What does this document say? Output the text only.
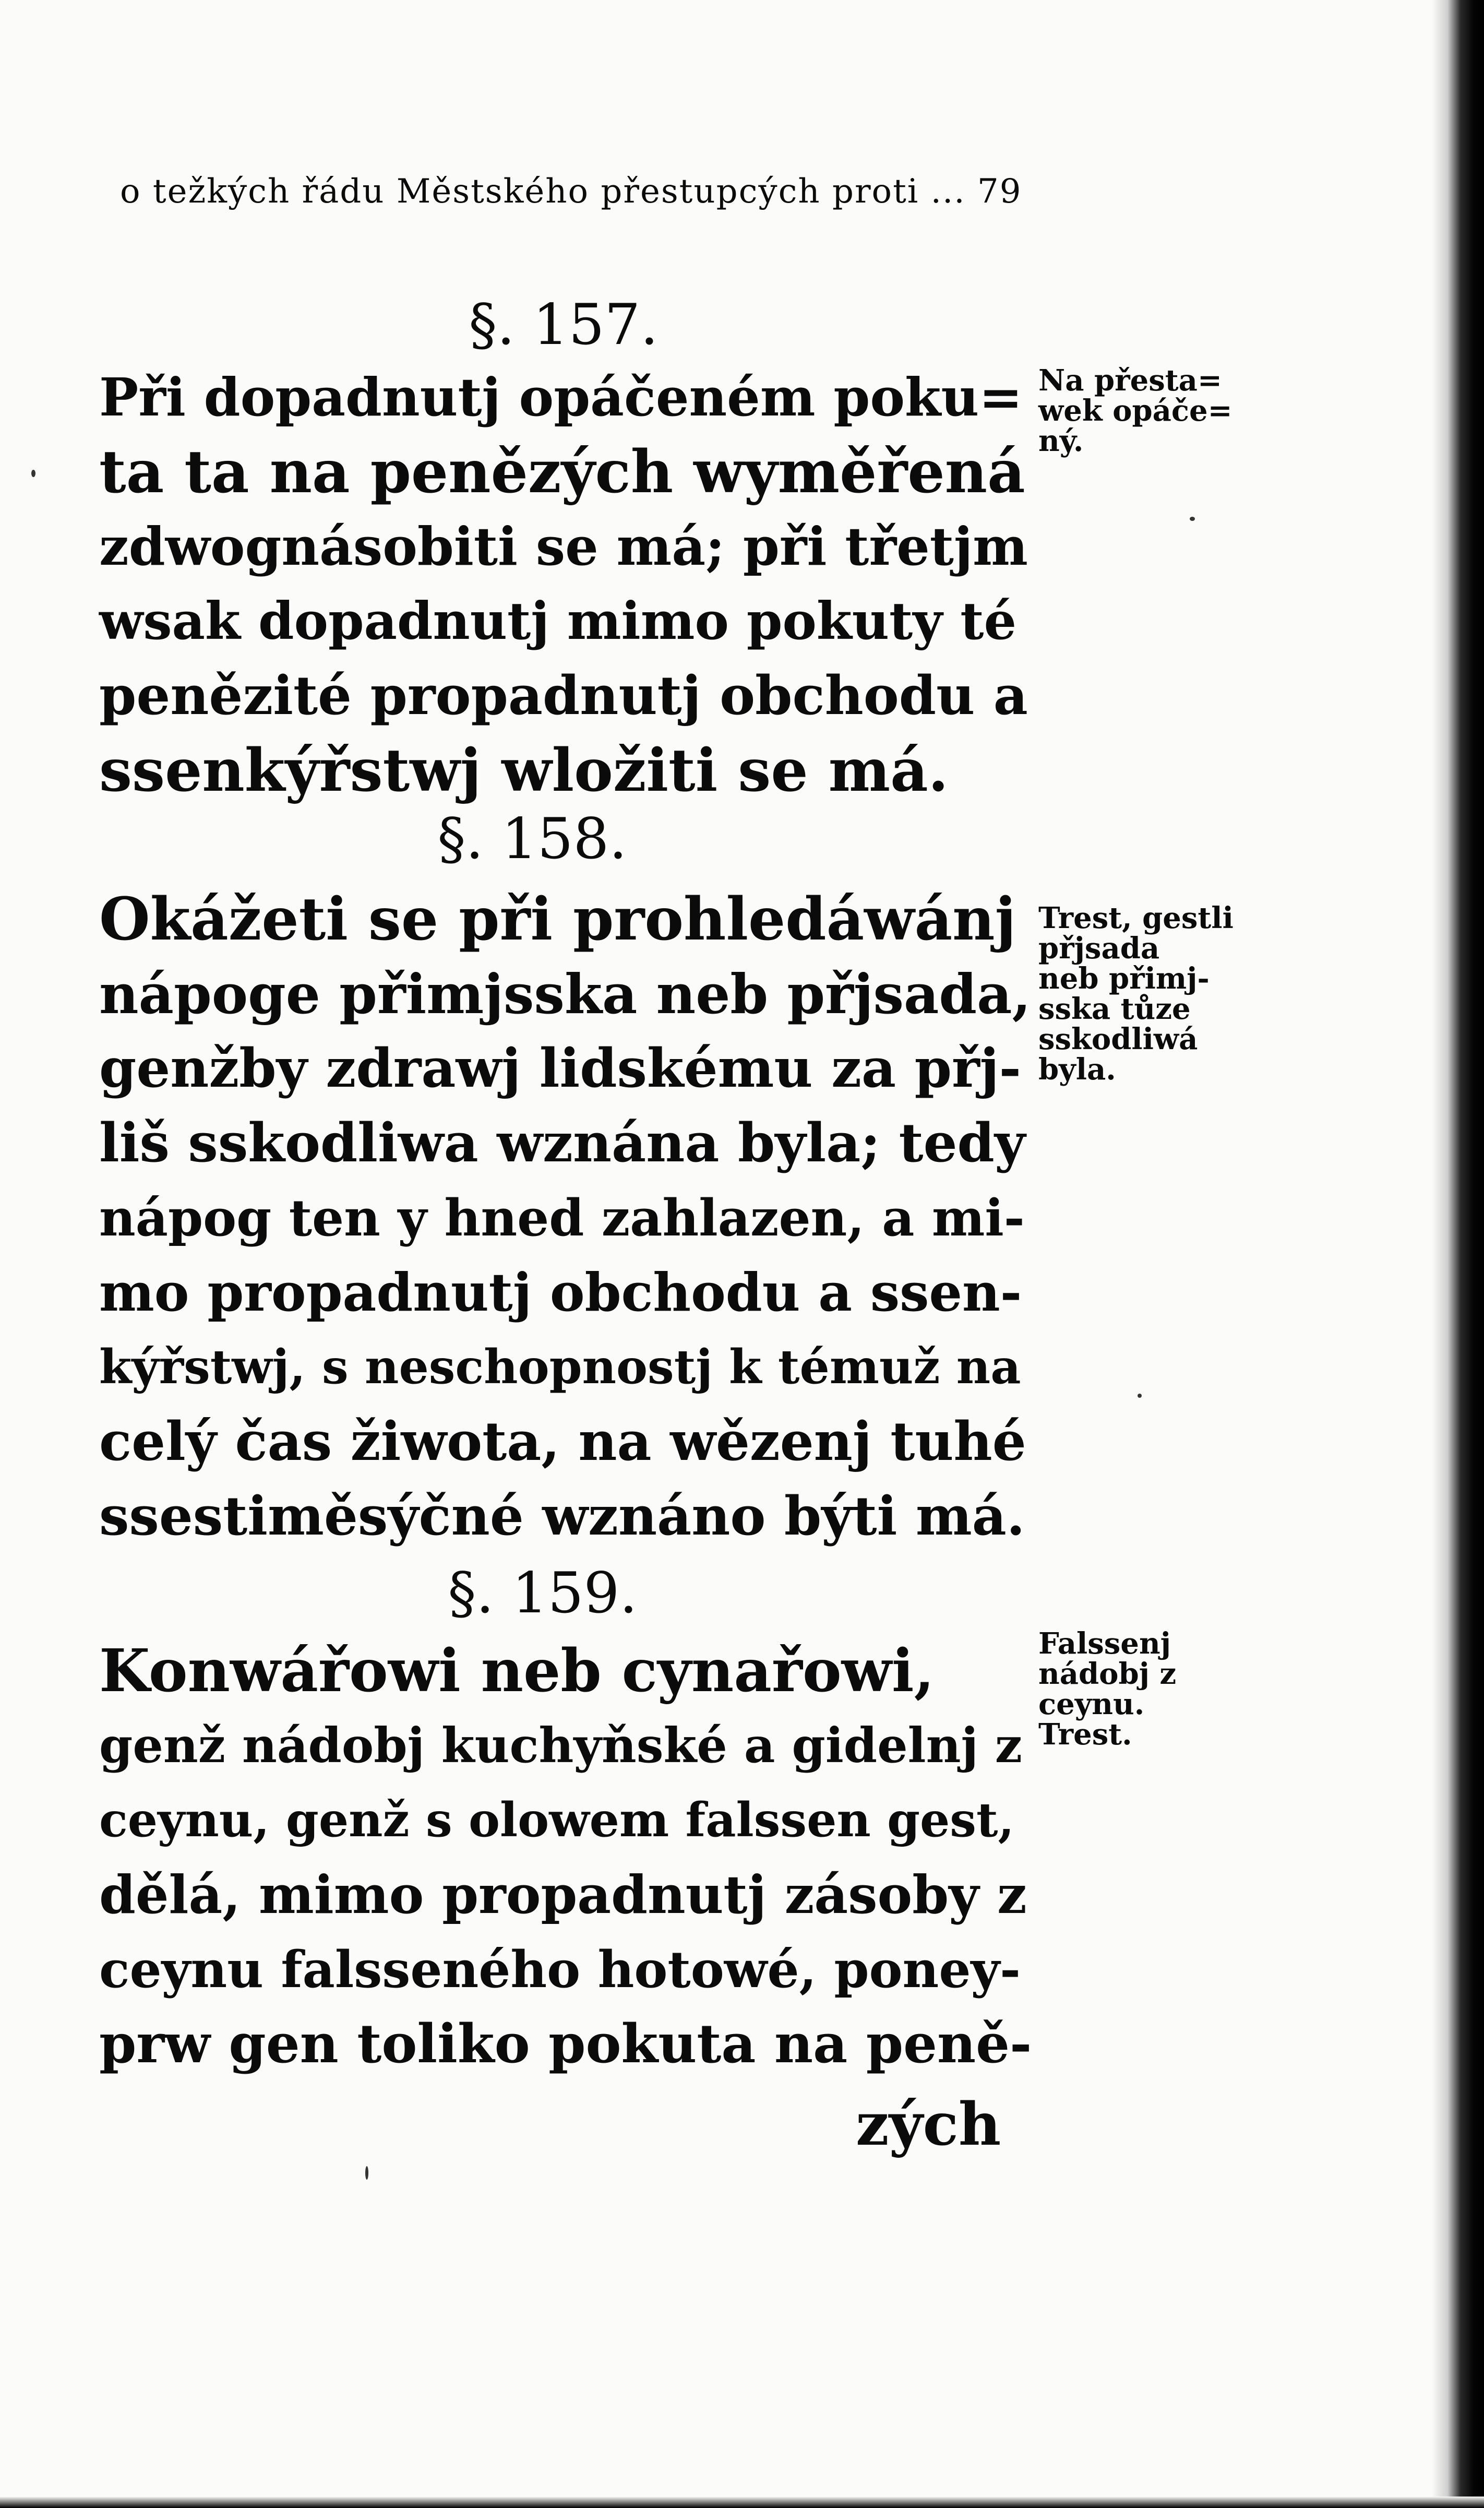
o težkých řádu Městského přestupcých proti ... 79
§. 157.
Při dopadnutj opáčeném poku=
ta ta na penězých wyměřená
zdwognásobiti se má; při třetjm
wsak dopadnutj mimo pokuty té
penězité propadnutj obchodu a
ssenkýřstwj wložiti se má.
Na přesta=
wek opáče=
ný.
§. 158.
Okážeti se při prohledáwánj
nápoge přimjsska neb přjsada,
genžby zdrawj lidskému za přj-
liš sskodliwa wznána byla; tedy
nápog ten y hned zahlazen, a mi-
mo propadnutj obchodu a ssen-
kýřstwj, s neschopnostj k témuž na
celý čas žiwota, na wězenj tuhé
ssestiměsýčné wznáno býti má.
Trest, gestli
přjsada
neb přimj-
sska tůze
sskodliwá
byla.
§. 159.
Konwářowi neb cynařowi,
genž nádobj kuchyňské a gidelnj z
ceynu, genž s olowem falssen gest,
dělá, mimo propadnutj zásoby z
ceynu falsseného hotowé, poney-
prw gen toliko pokuta na peně-
Falssenj
nádobj z
ceynu.
Trest.
zých
